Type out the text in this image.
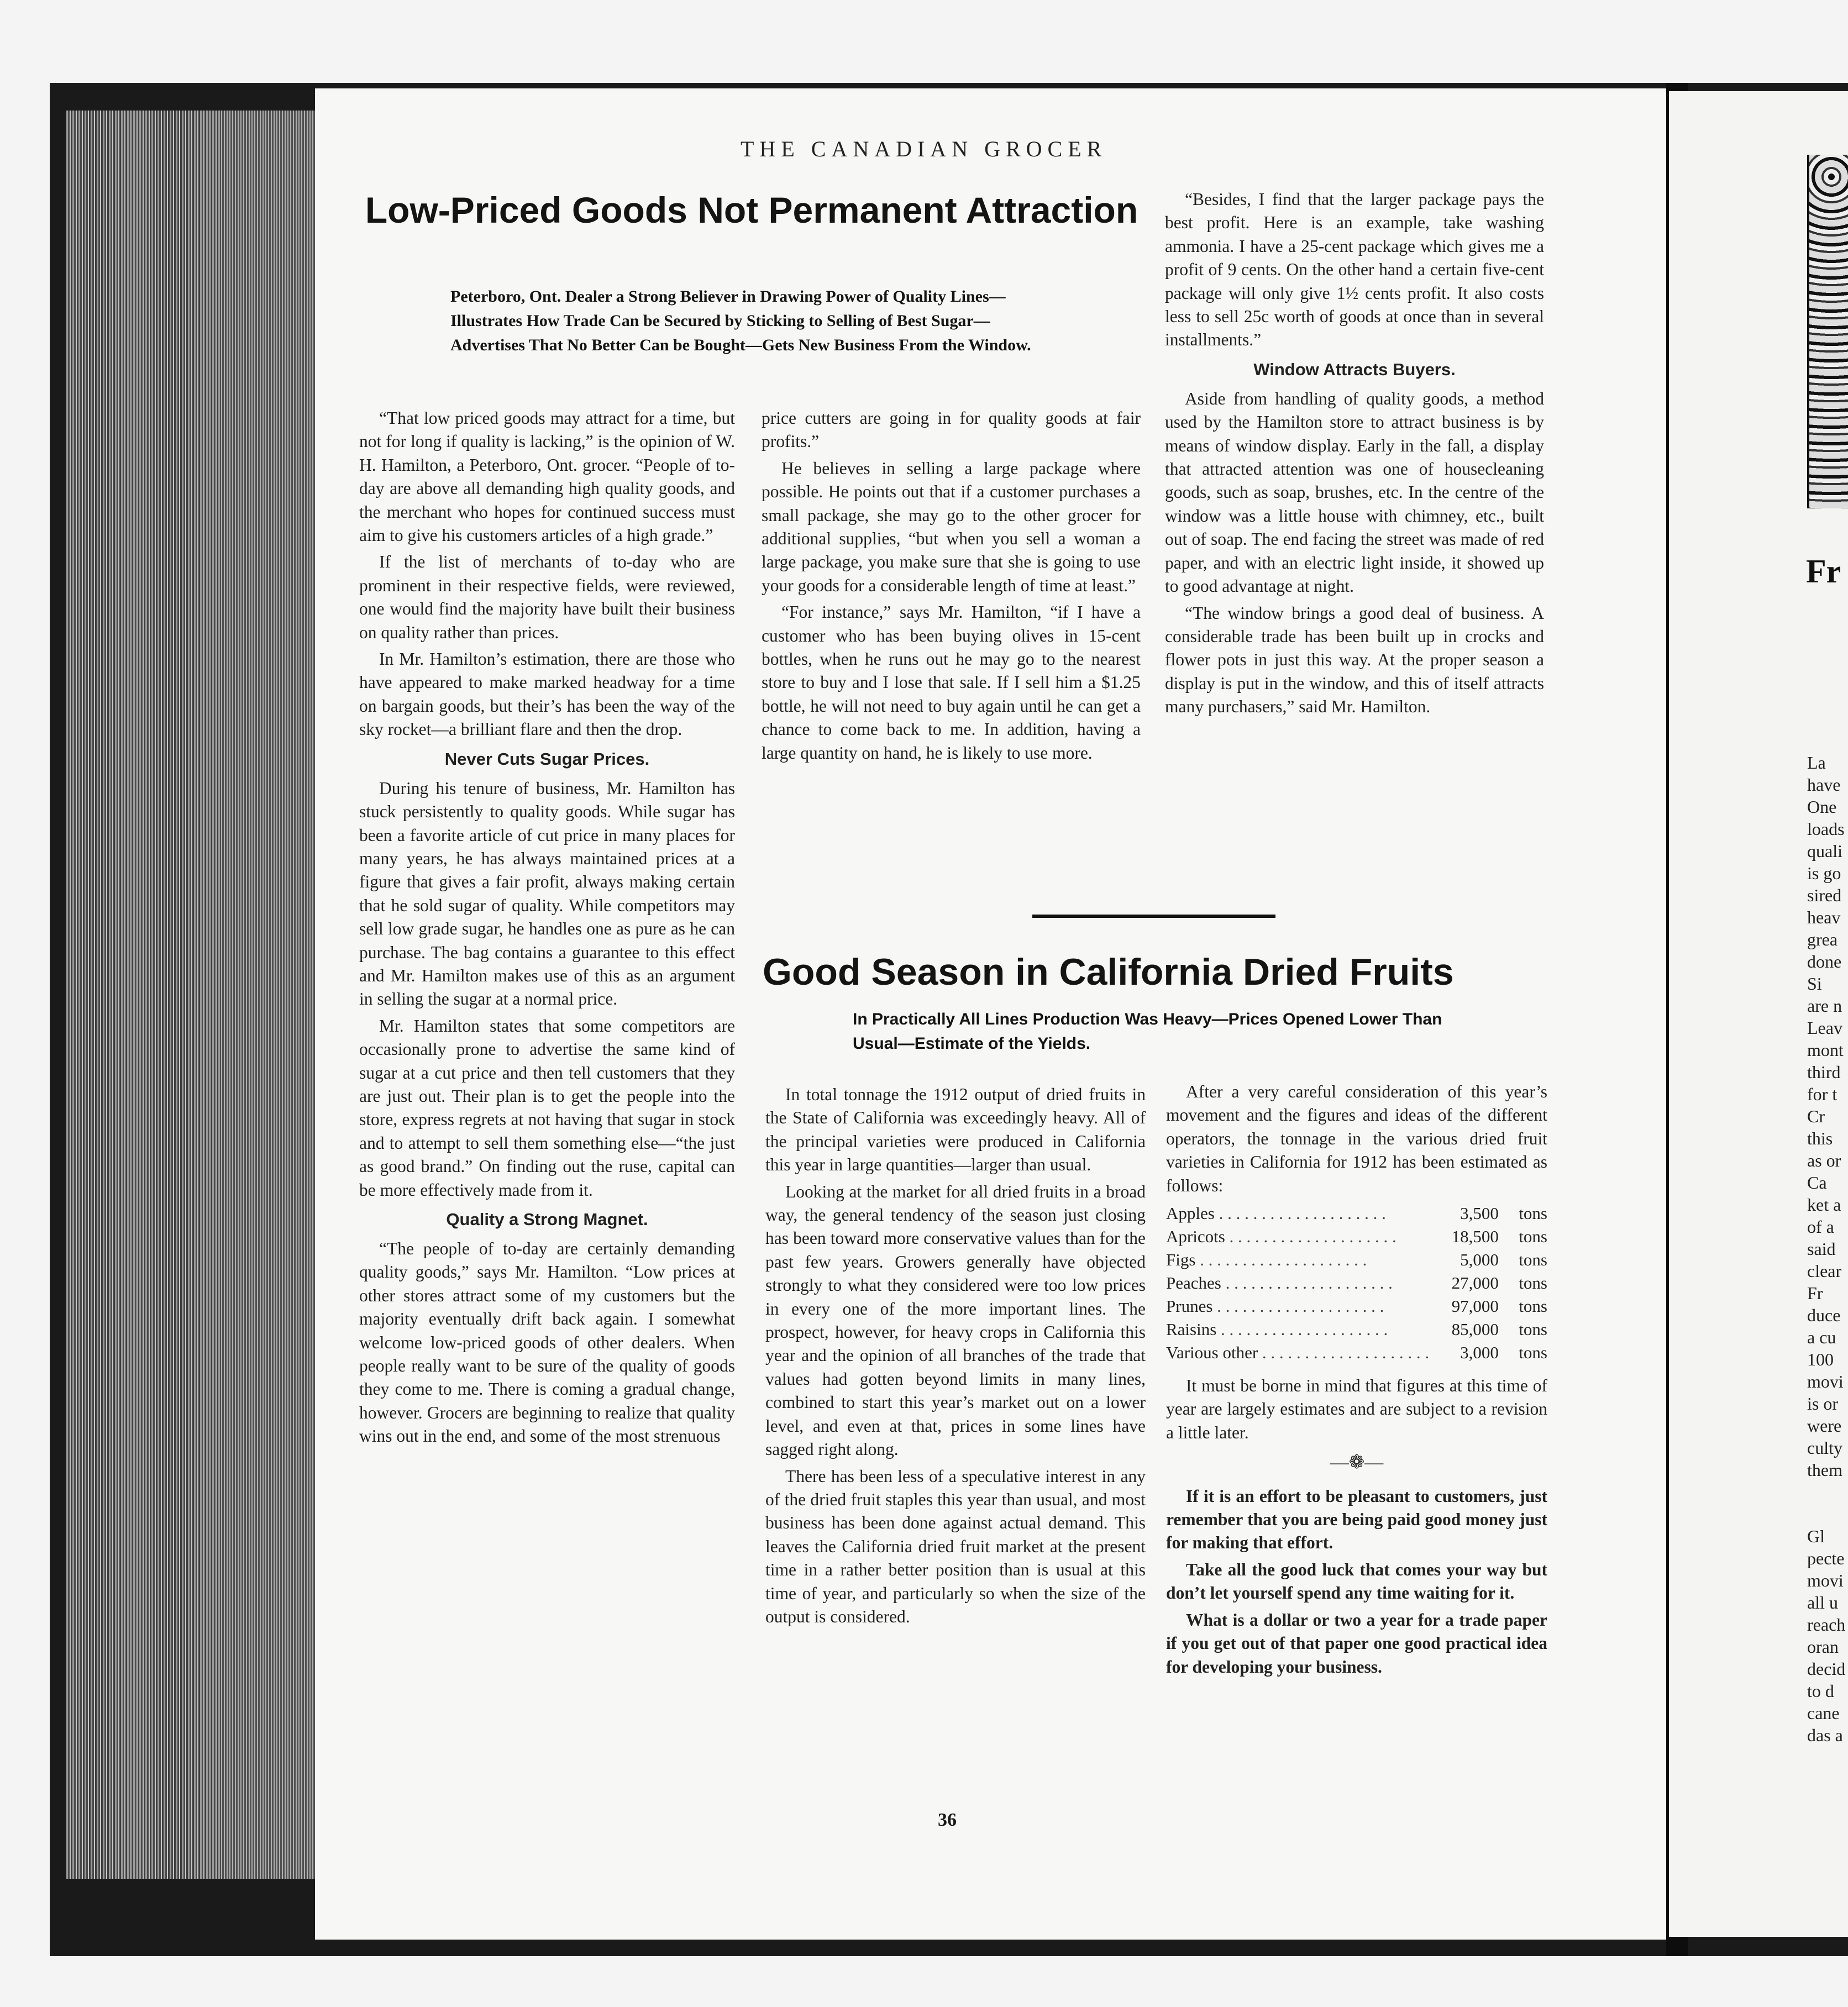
Fr
La
have
One
loads
quali
is go
sired
heav
grea
done
Si
are n
Leav
mont
third
for t
Cr
this
as or
Ca
ket a
of a
said
clear
Fr
duce
a cu
100
movi
is or
were
culty
them
Gl
pecte
movi
all u
reach
oran
decid
to d
cane
das a
THE CANADIAN GROCER
Low-Priced Goods Not Permanent Attraction
Peterboro, Ont. Dealer a Strong Believer in Drawing Power of Quality Lines—Illustrates How Trade Can be Secured by Sticking to Selling of Best Sugar—Advertises That No Better Can be Bought—Gets New Business From the Window.

“That low priced goods may attract for a time, but not for long if quality is lacking,” is the opinion of W. H. Hamilton, a Peterboro, Ont. grocer. “People of to-day are above all demanding high quality goods, and the merchant who hopes for continued success must aim to give his customers articles of a high grade.”

If the list of merchants of to-day who are prominent in their respective fields, were reviewed, one would find the majority have built their business on quality rather than prices.

In Mr. Hamilton’s estimation, there are those who have appeared to make marked headway for a time on bargain goods, but their’s has been the way of the sky rocket—a brilliant flare and then the drop.

Never Cuts Sugar Prices.

During his tenure of business, Mr. Hamilton has stuck persistently to quality goods. While sugar has been a favorite article of cut price in many places for many years, he has always maintained prices at a figure that gives a fair profit, always making certain that he sold sugar of quality. While competitors may sell low grade sugar, he handles one as pure as he can purchase. The bag contains a guarantee to this effect and Mr. Hamilton makes use of this as an argument in selling the sugar at a normal price.

Mr. Hamilton states that some competitors are occasionally prone to advertise the same kind of sugar at a cut price and then tell customers that they are just out. Their plan is to get the people into the store, express regrets at not having that sugar in stock and to attempt to sell them something else—“the just as good brand.” On finding out the ruse, capital can be more effectively made from it.

Quality a Strong Magnet.

“The people of to-day are certainly demanding quality goods,” says Mr. Hamilton. “Low prices at other stores attract some of my customers but the majority eventually drift back again. I somewhat welcome low-priced goods of other dealers. When people really want to be sure of the quality of goods they come to me. There is coming a gradual change, however. Grocers are beginning to realize that quality wins out in the end, and some of the most strenuous

price cutters are going in for quality goods at fair profits.”

He believes in selling a large package where possible. He points out that if a customer purchases a small package, she may go to the other grocer for additional supplies, “but when you sell a woman a large package, you make sure that she is going to use your goods for a considerable length of time at least.”

“For instance,” says Mr. Hamilton, “if I have a customer who has been buying olives in 15-cent bottles, when he runs out he may go to the nearest store to buy and I lose that sale. If I sell him a $1.25 bottle, he will not need to buy again until he can get a chance to come back to me. In addition, having a large quantity on hand, he is likely to use more.

“Besides, I find that the larger package pays the best profit. Here is an example, take washing ammonia. I have a 25-cent package which gives me a profit of 9 cents. On the other hand a certain five-cent package will only give 1½ cents profit. It also costs less to sell 25c worth of goods at once than in several installments.”

Window Attracts Buyers.

Aside from handling of quality goods, a method used by the Hamilton store to attract business is by means of window display. Early in the fall, a display that attracted attention was one of housecleaning goods, such as soap, brushes, etc. In the centre of the window was a little house with chimney, etc., built out of soap. The end facing the street was made of red paper, and with an electric light inside, it showed up to good advantage at night.

“The window brings a good deal of business. A considerable trade has been built up in crocks and flower pots in just this way. At the proper season a display is put in the window, and this of itself attracts many purchasers,” said Mr. Hamilton.

Good Season in California Dried Fruits
In Practically All Lines Production Was Heavy—Prices Opened Lower Than Usual—Estimate of the Yields.

In total tonnage the 1912 output of dried fruits in the State of California was exceedingly heavy. All of the principal varieties were produced in California this year in large quantities—larger than usual.

Looking at the market for all dried fruits in a broad way, the general tendency of the season just closing has been toward more conservative values than for the past few years. Growers generally have objected strongly to what they considered were too low prices in every one of the more important lines. The prospect, however, for heavy crops in California this year and the opinion of all branches of the trade that values had gotten beyond limits in many lines, combined to start this year’s market out on a lower level, and even at that, prices in some lines have sagged right along.

There has been less of a speculative interest in any of the dried fruit staples this year than usual, and most business has been done against actual demand. This leaves the California dried fruit market at the present time in a rather better position than is usual at this time of year, and particularly so when the size of the output is considered.

After a very careful consideration of this year’s movement and the figures and ideas of the different operators, the tonnage in the various dried fruit varieties in California for 1912 has been estimated as follows:

Apples . . . . . . . . . . . . . . . . . . . .	3,500	tons
Apricots . . . . . . . . . . . . . . . . . . . .	18,500	tons
Figs . . . . . . . . . . . . . . . . . . . .	5,000	tons
Peaches . . . . . . . . . . . . . . . . . . . .	27,000	tons
Prunes . . . . . . . . . . . . . . . . . . . .	97,000	tons
Raisins . . . . . . . . . . . . . . . . . . . .	85,000	tons
Various other . . . . . . . . . . . . . . . . . . . .	3,000	tons

It must be borne in mind that figures at this time of year are largely estimates and are subject to a revision a little later.

—❁—

If it is an effort to be pleasant to customers, just remember that you are being paid good money just for making that effort.

Take all the good luck that comes your way but don’t let yourself spend any time waiting for it.

What is a dollar or two a year for a trade paper if you get out of that paper one good practical idea for developing your business.

36
